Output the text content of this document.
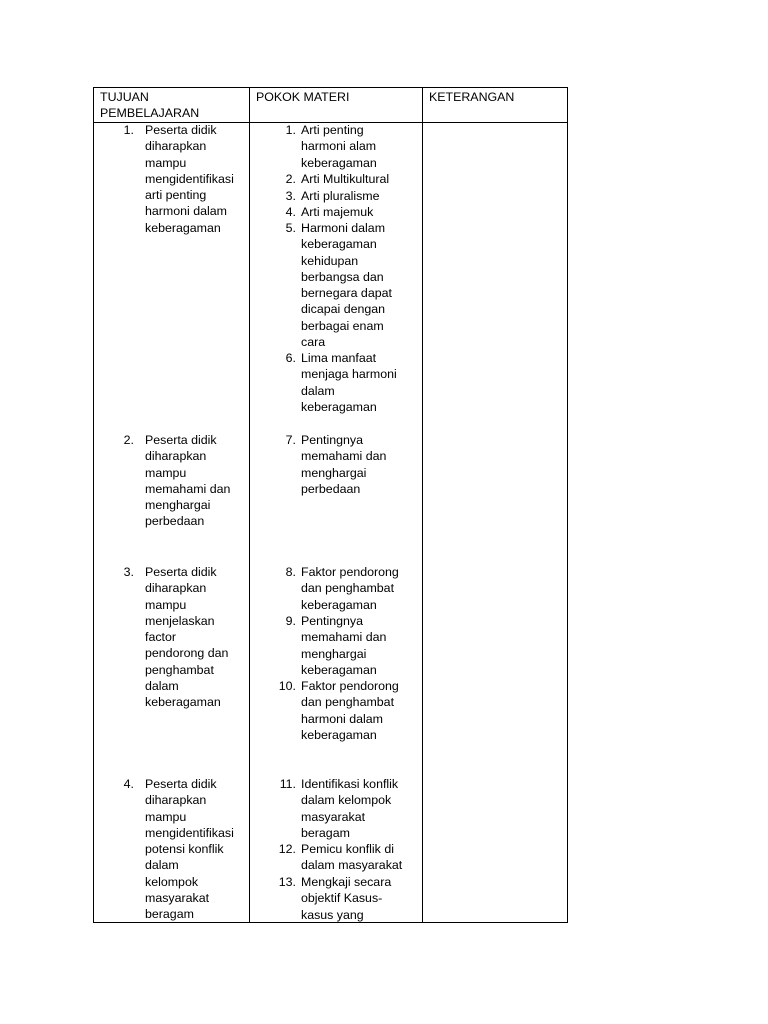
TUJUAN
PEMBELAJARAN
POKOK MATERI	KETERANGAN
1. Peserta didik
diharapkan
mampu
mengidentifikasi
arti penting
harmoni dalam
keberagaman
2. Peserta didik
diharapkan
mampu
memahami dan
menghargai
perbedaan
3. Peserta didik
diharapkan
mampu
menjelaskan
factor
pendorong dan
penghambat
dalam
keberagaman
4. Peserta didik
diharapkan
mampu
mengidentifikasi
potensi konflik
dalam
kelompok
masyarakat
beragam
1. Arti penting
harmoni alam
keberagaman
2. Arti Multikultural
3. Arti pluralisme
4. Arti majemuk
5. Harmoni dalam
keberagaman
kehidupan
berbangsa dan
bernegara dapat
dicapai dengan
berbagai enam
cara
6. Lima manfaat
menjaga harmoni
dalam
keberagaman
7. Pentingnya
memahami dan
menghargai
perbedaan
8. Faktor pendorong
dan penghambat
keberagaman
9. Pentingnya
memahami dan
menghargai
keberagaman
10. Faktor pendorong
dan penghambat
harmoni dalam
keberagaman
11. Identifikasi konflik
dalam kelompok
masyarakat
beragam
12. Pemicu konflik di
dalam masyarakat
13. Mengkaji secara
objektif Kasus-
kasus yang
